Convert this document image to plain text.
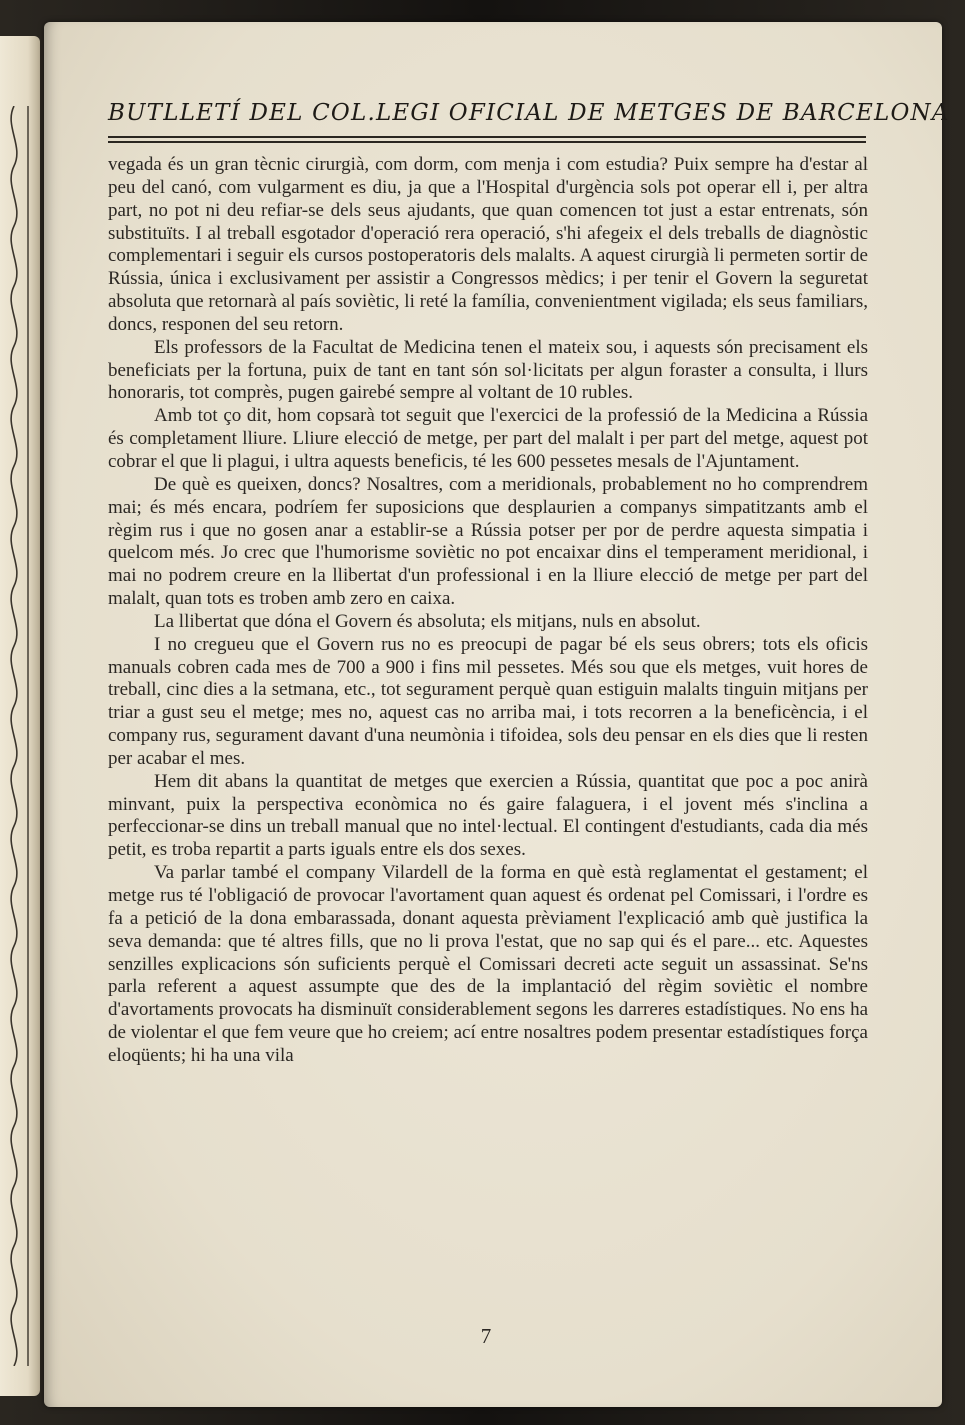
BUTLLETÍ DEL COL.LEGI OFICIAL DE METGES DE BARCELONA

vegada és un gran tècnic cirurgià, com dorm, com menja i com estudia? Puix sempre ha d'estar al peu del canó, com vulgarment es diu, ja que a l'Hospital d'urgència sols pot operar ell i, per altra part, no pot ni deu refiar-se dels seus ajudants, que quan comencen tot just a estar entrenats, són substituïts. I al treball esgotador d'operació rera operació, s'hi afegeix el dels treballs de diagnòstic complementari i seguir els cursos postoperatoris dels malalts. A aquest cirurgià li permeten sortir de Rússia, única i exclusivament per assistir a Congressos mèdics; i per tenir el Govern la seguretat absoluta que retornarà al país soviètic, li reté la família, convenientment vigilada; els seus familiars, doncs, responen del seu retorn.

Els professors de la Facultat de Medicina tenen el mateix sou, i aquests són precisament els beneficiats per la fortuna, puix de tant en tant són sol·licitats per algun foraster a consulta, i llurs honoraris, tot comprès, pugen gairebé sempre al voltant de 10 rubles.

Amb tot ço dit, hom copsarà tot seguit que l'exercici de la professió de la Medicina a Rússia és completament lliure. Lliure elecció de metge, per part del malalt i per part del metge, aquest pot cobrar el que li plagui, i ultra aquests beneficis, té les 600 pessetes mesals de l'Ajuntament.

De què es queixen, doncs? Nosaltres, com a meridionals, probablement no ho comprendrem mai; és més encara, podríem fer suposicions que desplaurien a companys simpatitzants amb el règim rus i que no gosen anar a establir-se a Rússia potser per por de perdre aquesta simpatia i quelcom més. Jo crec que l'humorisme soviètic no pot encaixar dins el temperament meridional, i mai no podrem creure en la llibertat d'un professional i en la lliure elecció de metge per part del malalt, quan tots es troben amb zero en caixa.

La llibertat que dóna el Govern és absoluta; els mitjans, nuls en absolut.

I no cregueu que el Govern rus no es preocupi de pagar bé els seus obrers; tots els oficis manuals cobren cada mes de 700 a 900 i fins mil pessetes. Més sou que els metges, vuit hores de treball, cinc dies a la setmana, etc., tot segurament perquè quan estiguin malalts tinguin mitjans per triar a gust seu el metge; mes no, aquest cas no arriba mai, i tots recorren a la beneficència, i el company rus, segurament davant d'una neumònia i tifoidea, sols deu pensar en els dies que li resten per acabar el mes.

Hem dit abans la quantitat de metges que exercien a Rússia, quantitat que poc a poc anirà minvant, puix la perspectiva econòmica no és gaire falaguera, i el jovent més s'inclina a perfeccionar-se dins un treball manual que no intel·lectual. El contingent d'estudiants, cada dia més petit, es troba repartit a parts iguals entre els dos sexes.

Va parlar també el company Vilardell de la forma en què està reglamentat el gestament; el metge rus té l'obligació de provocar l'avortament quan aquest és ordenat pel Comissari, i l'ordre es fa a petició de la dona embarassada, donant aquesta prèviament l'explicació amb què justifica la seva demanda: que té altres fills, que no li prova l'estat, que no sap qui és el pare... etc. Aquestes senzilles explicacions són suficients perquè el Comissari decreti acte seguit un assassinat. Se'ns parla referent a aquest assumpte que des de la implantació del règim soviètic el nombre d'avortaments provocats ha disminuït considerablement segons les darreres estadístiques. No ens ha de violentar el que fem veure que ho creiem; ací entre nosaltres podem presentar estadístiques força eloqüents; hi ha una vila

7
